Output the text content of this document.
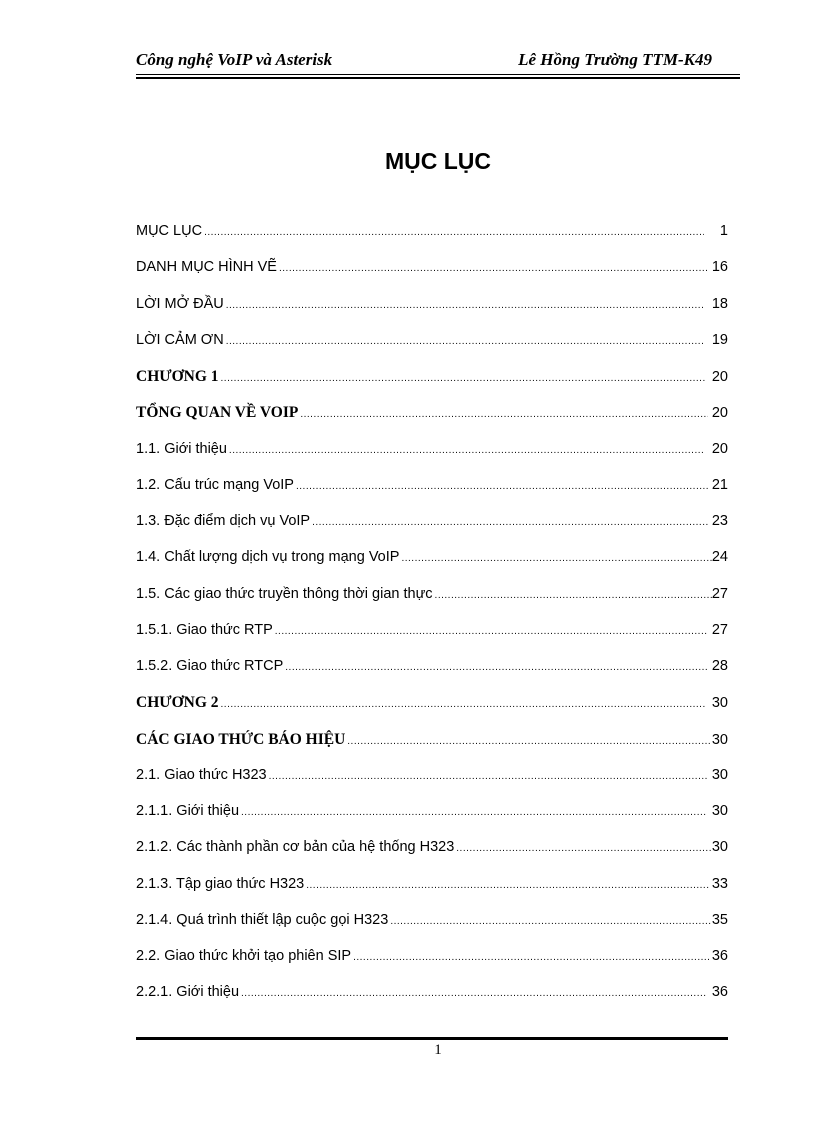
Công nghệ VoIP và Asterisk	Lê Hồng Trường TTM-K49
MỤC LỤC
MỤC LỤC .....	1
DANH MỤC HÌNH VẼ .....	16
LỜI MỞ ĐẦU .....	18
LỜI CẢM ƠN .....	19
CHƯƠNG 1 .....	20
TỔNG QUAN VỀ VOIP .....	20
1.1. Giới thiệu .....	20
1.2. Cấu trúc mạng VoIP .....	21
1.3. Đặc điểm dịch vụ VoIP .....	23
1.4. Chất lượng dịch vụ trong mạng VoIP .....	24
1.5. Các giao thức truyền thông thời gian thực .....	27
1.5.1. Giao thức RTP .....	27
1.5.2. Giao thức RTCP .....	28
CHƯƠNG 2 .....	30
CÁC GIAO THỨC BÁO HIỆU .....	30
2.1. Giao thức H323 .....	30
2.1.1. Giới thiệu .....	30
2.1.2. Các thành phần cơ bản của hệ thống H323 .....	30
2.1.3. Tập giao thức H323 .....	33
2.1.4. Quá trình thiết lập cuộc gọi H323 .....	35
2.2. Giao thức khởi tạo phiên SIP .....	36
2.2.1. Giới thiệu .....	36
1
